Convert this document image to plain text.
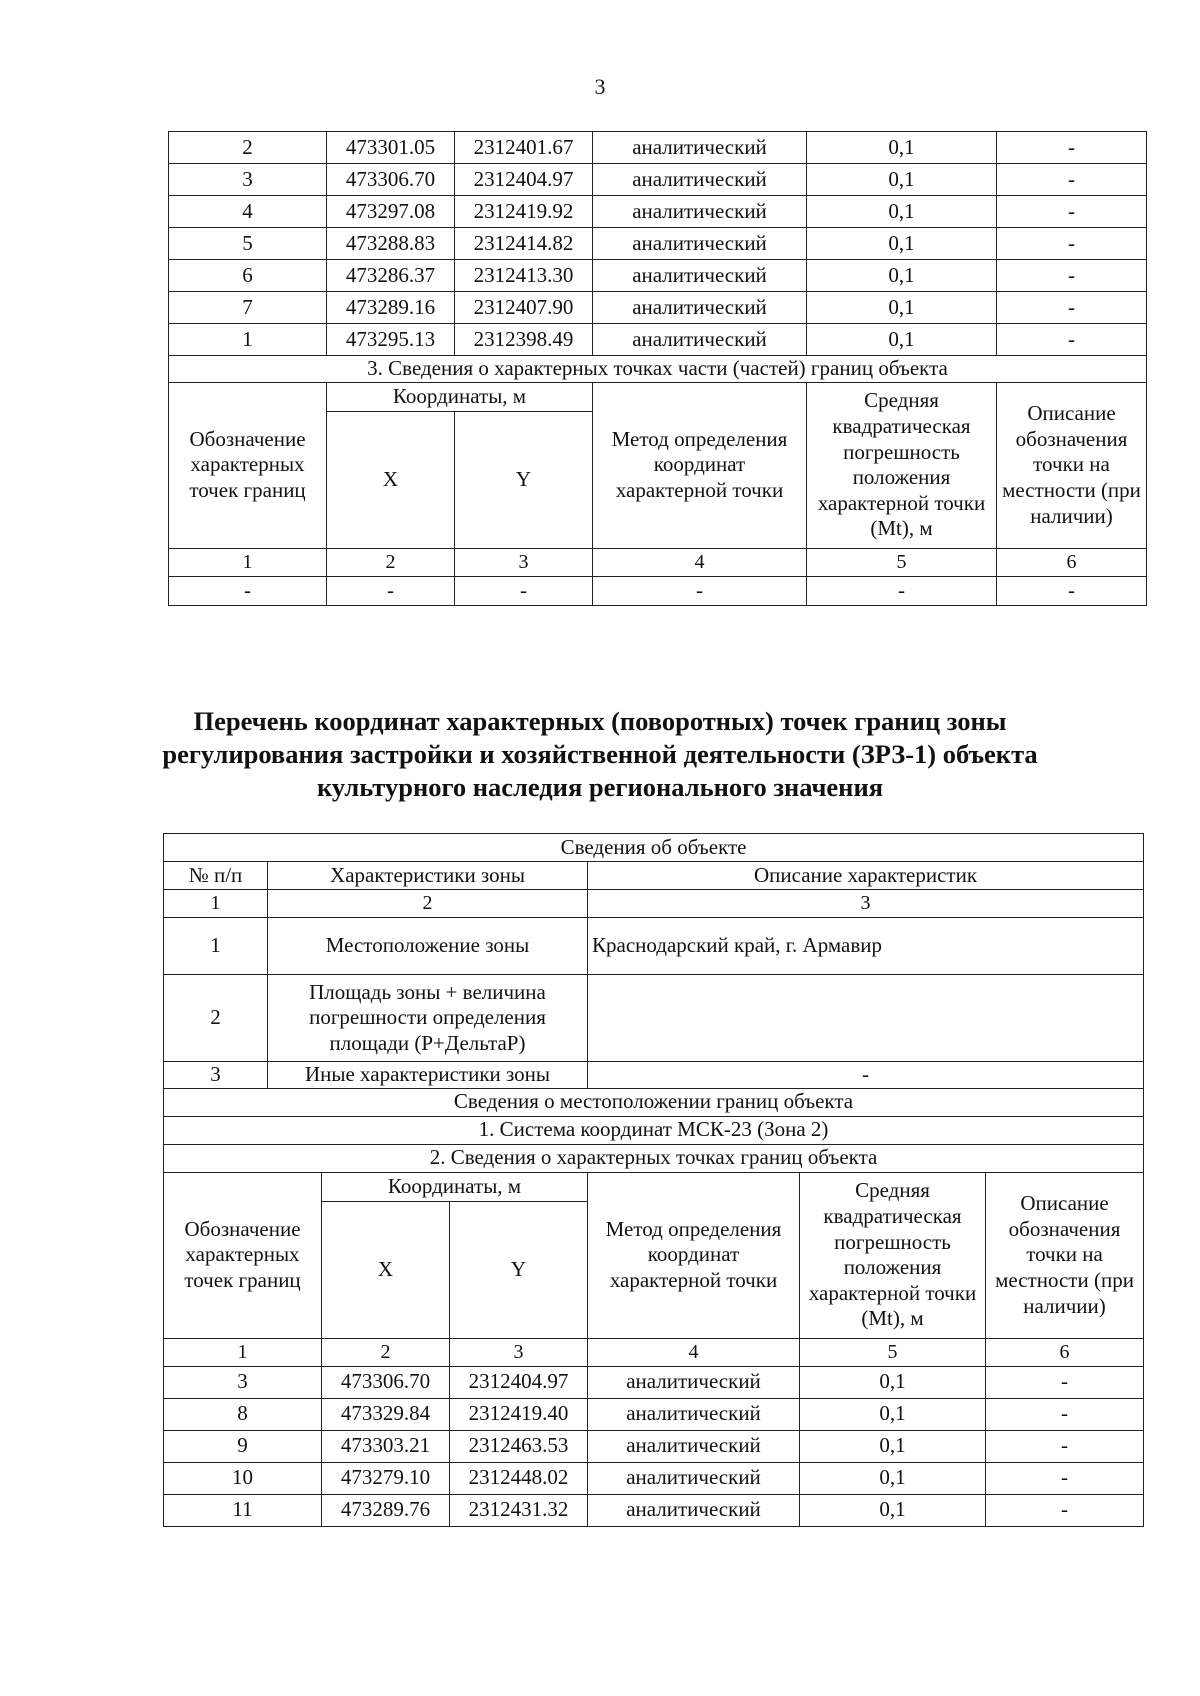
3
2	473301.05	2312401.67	аналитический	0,1	-
3	473306.70	2312404.97	аналитический	0,1	-
4	473297.08	2312419.92	аналитический	0,1	-
5	473288.83	2312414.82	аналитический	0,1	-
6	473286.37	2312413.30	аналитический	0,1	-
7	473289.16	2312407.90	аналитический	0,1	-
1	473295.13	2312398.49	аналитический	0,1	-
3. Сведения о характерных точках части (частей) границ объекта					
Обозначение характерных точек границ	Координаты, м		Метод определения координат характерной точки	Средняя квадратическая погрешность положения характерной точки (Mt), м	Описание обозначения точки на местности (при наличии)
	X	Y			
1	2	3	4	5	6
-	-	-	-	-	-
Перечень координат характерных (поворотных) точек границ зоны регулирования застройки и хозяйственной деятельности (ЗРЗ-1) объекта культурного наследия регионального значения
Сведения об объекте						
№ п/п	Характеристики зоны			Описание характеристик		
1	2			3		
1	Местоположение зоны			Краснодарский край, г. Армавир		
2	Площадь зоны + величина погрешности определения площади (Р+ДельтаР)					
3	Иные характеристики зоны			-		
Сведения о местоположении границ объекта						
1. Система координат МСК-23 (Зона 2)						
2. Сведения о характерных точках границ объекта						
Обозначение характерных точек границ		Координаты, м		Метод определения координат характерной точки	Средняя квадратическая погрешность положения характерной точки (Mt), м	Описание обозначения точки на местности (при наличии)
		X	Y			
1		2	3	4	5	6
3		473306.70	2312404.97	аналитический	0,1	-
8		473329.84	2312419.40	аналитический	0,1	-
9		473303.21	2312463.53	аналитический	0,1	-
10		473279.10	2312448.02	аналитический	0,1	-
11		473289.76	2312431.32	аналитический	0,1	-
